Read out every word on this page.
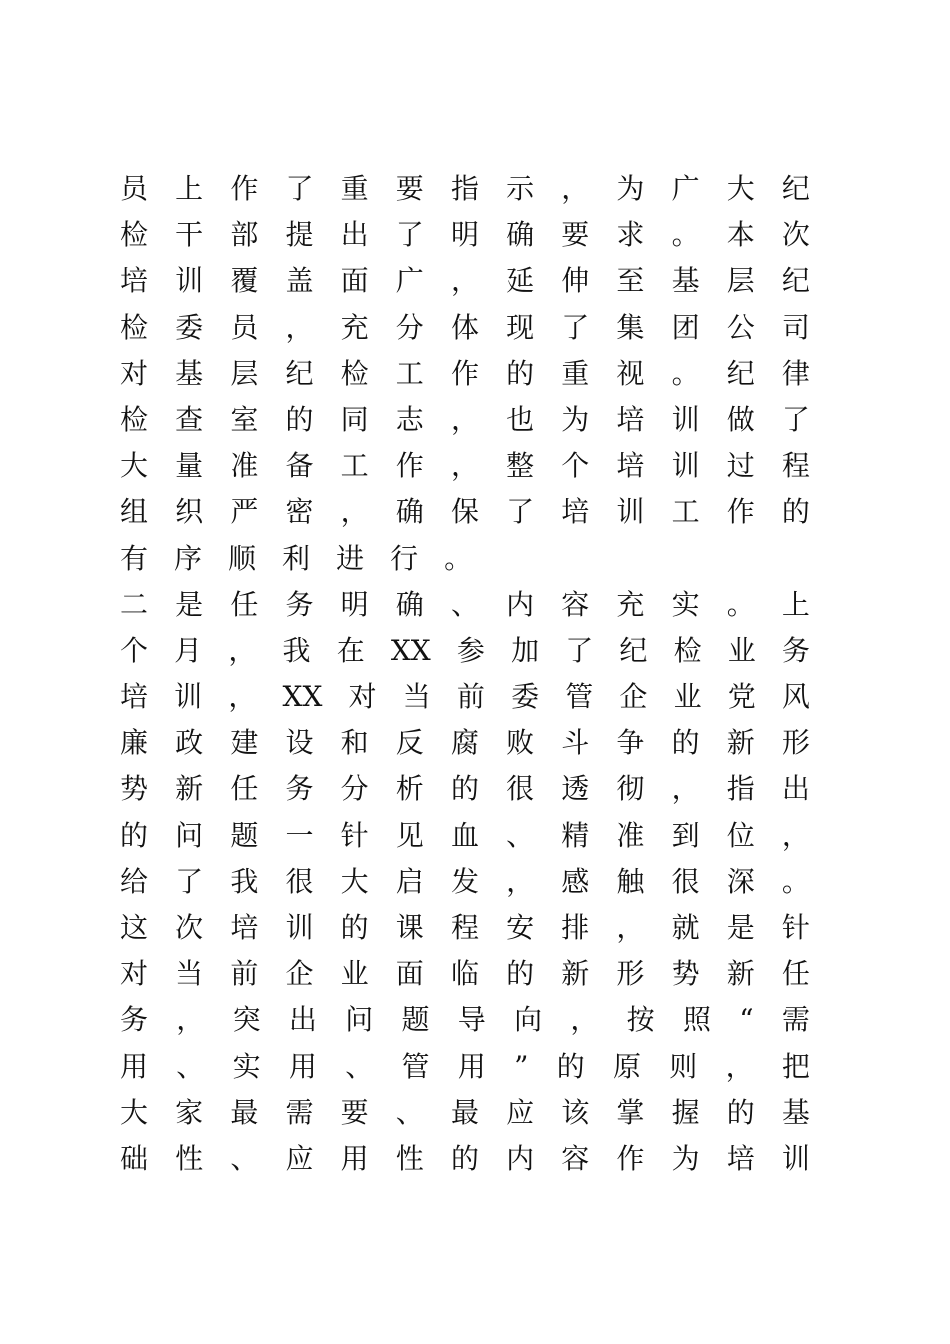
员 上 作 了 重 要 指 示 ， 为 广 大 纪
检 干 部 提 出 了 明 确 要 求 。 本 次
培 训 覆 盖 面 广 ， 延 伸 至 基 层 纪
检 委 员 ， 充 分 体 现 了 集 团 公 司
对 基 层 纪 检 工 作 的 重 视 。 纪 律
检 查 室 的 同 志 ， 也 为 培 训 做 了
大 量 准 备 工 作 ， 整 个 培 训 过 程
组 织 严 密 ， 确 保 了 培 训 工 作 的
有 序 顺 利 进 行 。
二 是 任 务 明 确 、 内 容 充 实 。 上
个 月 ， 我 在 XX 参 加 了 纪 检 业 务
培 训 ， XX 对 当 前 委 管 企 业 党 风
廉 政 建 设 和 反 腐 败 斗 争 的 新 形
势 新 任 务 分 析 的 很 透 彻 ， 指 出
的 问 题 一 针 见 血 、 精 准 到 位 ，
给 了 我 很 大 启 发 ， 感 触 很 深 。
这 次 培 训 的 课 程 安 排 ， 就 是 针
对 当 前 企 业 面 临 的 新 形 势 新 任
务 ， 突 出 问 题 导 向 ， 按 照 “ 需
用 、 实 用 、 管 用 ” 的 原 则 ， 把
大 家 最 需 要 、 最 应 该 掌 握 的 基
础 性 、 应 用 性 的 内 容 作 为 培 训
